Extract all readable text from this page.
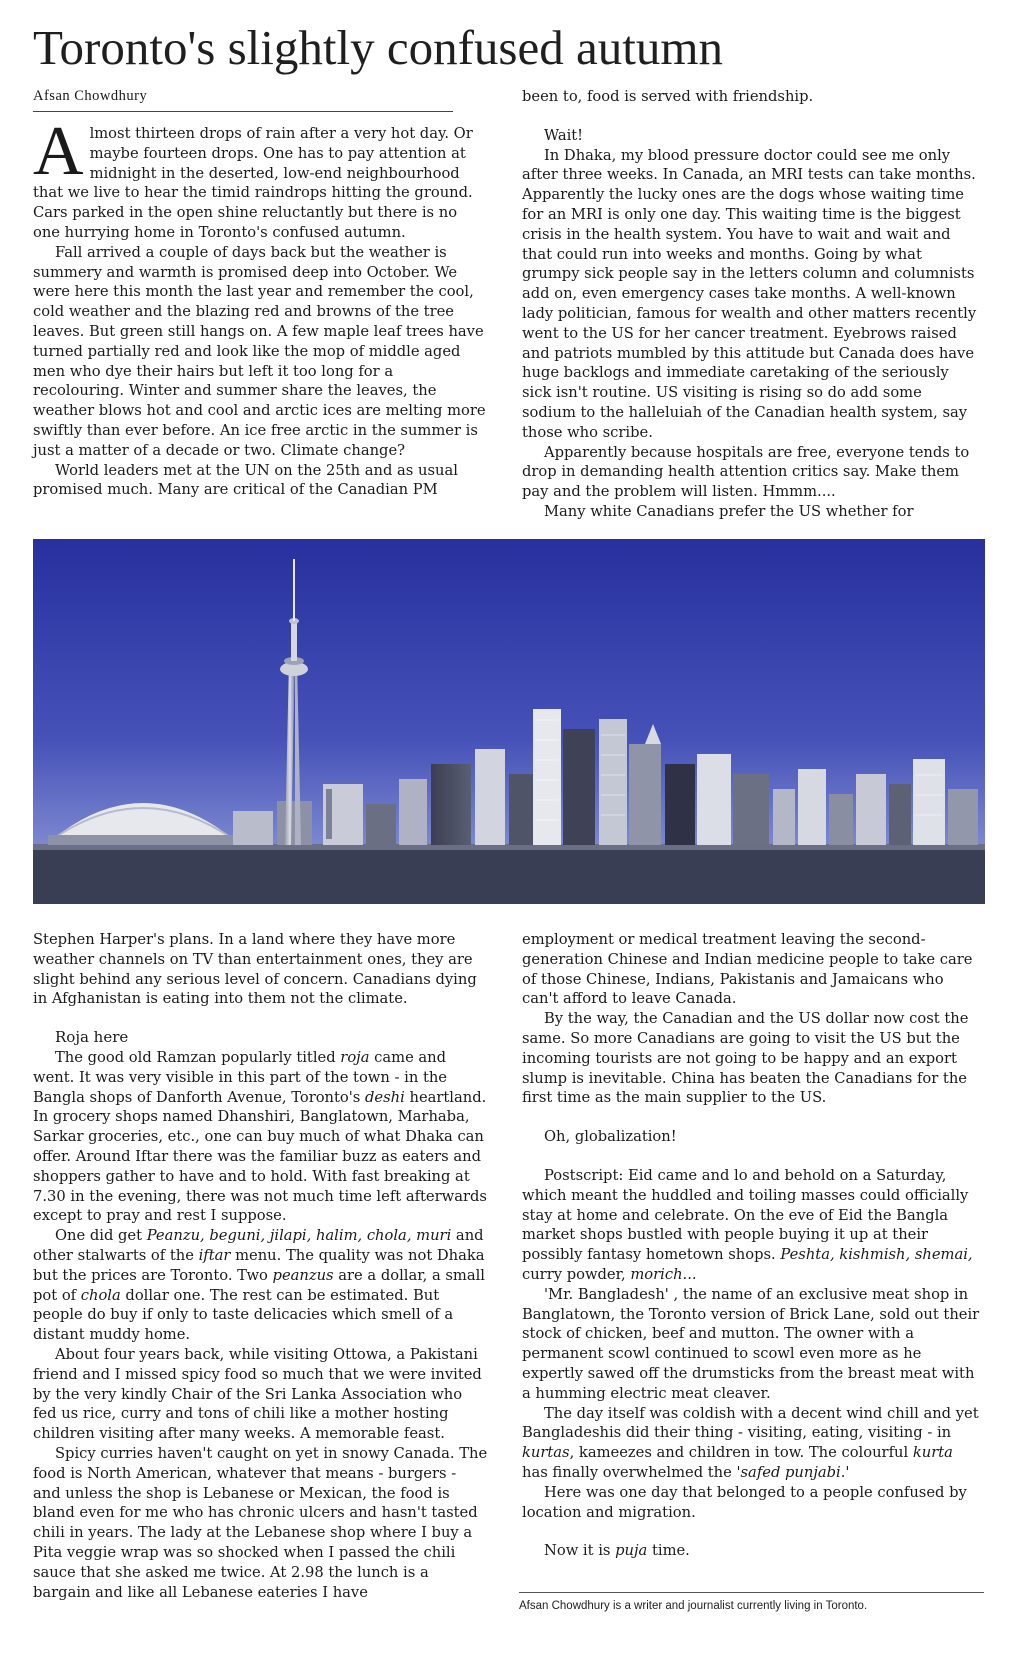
Toronto's slightly confused autumn
Afsan Chowdhury

Almost thirteen drops of rain after a very hot day. Or maybe fourteen drops. One has to pay attention at midnight in the deserted, low-end neighbourhood that we live to hear the timid raindrops hitting the ground. Cars parked in the open shine reluctantly but there is no one hurrying home in Toronto's confused autumn.

Fall arrived a couple of days back but the weather is summery and warmth is promised deep into October. We were here this month the last year and remember the cool, cold weather and the blazing red and browns of the tree leaves. But green still hangs on. A few maple leaf trees have turned partially red and look like the mop of middle aged men who dye their hairs but left it too long for a recolouring. Winter and summer share the leaves, the weather blows hot and cool and arctic ices are melting more swiftly than ever before. An ice free arctic in the summer is just a matter of a decade or two. Climate change?

World leaders met at the UN on the 25th and as usual promised much. Many are critical of the Canadian PM

been to, food is served with friendship.

Wait!

In Dhaka, my blood pressure doctor could see me only after three weeks. In Canada, an MRI tests can take months. Apparently the lucky ones are the dogs whose waiting time for an MRI is only one day. This waiting time is the biggest crisis in the health system. You have to wait and wait and that could run into weeks and months. Going by what grumpy sick people say in the letters column and columnists add on, even emergency cases take months. A well-known lady politician, famous for wealth and other matters recently went to the US for her cancer treatment. Eyebrows raised and patriots mumbled by this attitude but Canada does have huge backlogs and immediate caretaking of the seriously sick isn't routine. US visiting is rising so do add some sodium to the halleluiah of the Canadian health system, say those who scribe.

Apparently because hospitals are free, everyone tends to drop in demanding health attention critics say. Make them pay and the problem will listen. Hmmm....

Many white Canadians prefer the US whether for

Stephen Harper's plans. In a land where they have more weather channels on TV than entertainment ones, they are slight behind any serious level of concern. Canadians dying in Afghanistan is eating into them not the climate.

Roja here

The good old Ramzan popularly titled roja came and went. It was very visible in this part of the town - in the Bangla shops of Danforth Avenue, Toronto's deshi heartland. In grocery shops named Dhanshiri, Banglatown, Marhaba, Sarkar groceries, etc., one can buy much of what Dhaka can offer. Around Iftar there was the familiar buzz as eaters and shoppers gather to have and to hold. With fast breaking at 7.30 in the evening, there was not much time left afterwards except to pray and rest I suppose.

One did get Peanzu, beguni, jilapi, halim, chola, muri and other stalwarts of the iftar menu. The quality was not Dhaka but the prices are Toronto. Two peanzus are a dollar, a small pot of chola dollar one. The rest can be estimated. But people do buy if only to taste delicacies which smell of a distant muddy home.

About four years back, while visiting Ottowa, a Pakistani friend and I missed spicy food so much that we were invited by the very kindly Chair of the Sri Lanka Association who fed us rice, curry and tons of chili like a mother hosting children visiting after many weeks. A memorable feast.

Spicy curries haven't caught on yet in snowy Canada. The food is North American, whatever that means - burgers - and unless the shop is Lebanese or Mexican, the food is bland even for me who has chronic ulcers and hasn't tasted chili in years. The lady at the Lebanese shop where I buy a Pita veggie wrap was so shocked when I passed the chili sauce that she asked me twice. At 2.98 the lunch is a bargain and like all Lebanese eateries I have

employment or medical treatment leaving the second-generation Chinese and Indian medicine people to take care of those Chinese, Indians, Pakistanis and Jamaicans who can't afford to leave Canada.

By the way, the Canadian and the US dollar now cost the same. So more Canadians are going to visit the US but the incoming tourists are not going to be happy and an export slump is inevitable. China has beaten the Canadians for the first time as the main supplier to the US.

Oh, globalization!

Postscript: Eid came and lo and behold on a Saturday, which meant the huddled and toiling masses could officially stay at home and celebrate. On the eve of Eid the Bangla market shops bustled with people buying it up at their possibly fantasy hometown shops. Peshta, kishmish, shemai, curry powder, morich...

'Mr. Bangladesh' , the name of an exclusive meat shop in Banglatown, the Toronto version of Brick Lane, sold out their stock of chicken, beef and mutton. The owner with a permanent scowl continued to scowl even more as he expertly sawed off the drumsticks from the breast meat with a humming electric meat cleaver.

The day itself was coldish with a decent wind chill and yet Bangladeshis did their thing - visiting, eating, visiting - in kurtas, kameezes and children in tow. The colourful kurta has finally overwhelmed the 'safed punjabi.'

Here was one day that belonged to a people confused by location and migration.

Now it is puja time.

Afsan Chowdhury is a writer and journalist currently living in Toronto.
